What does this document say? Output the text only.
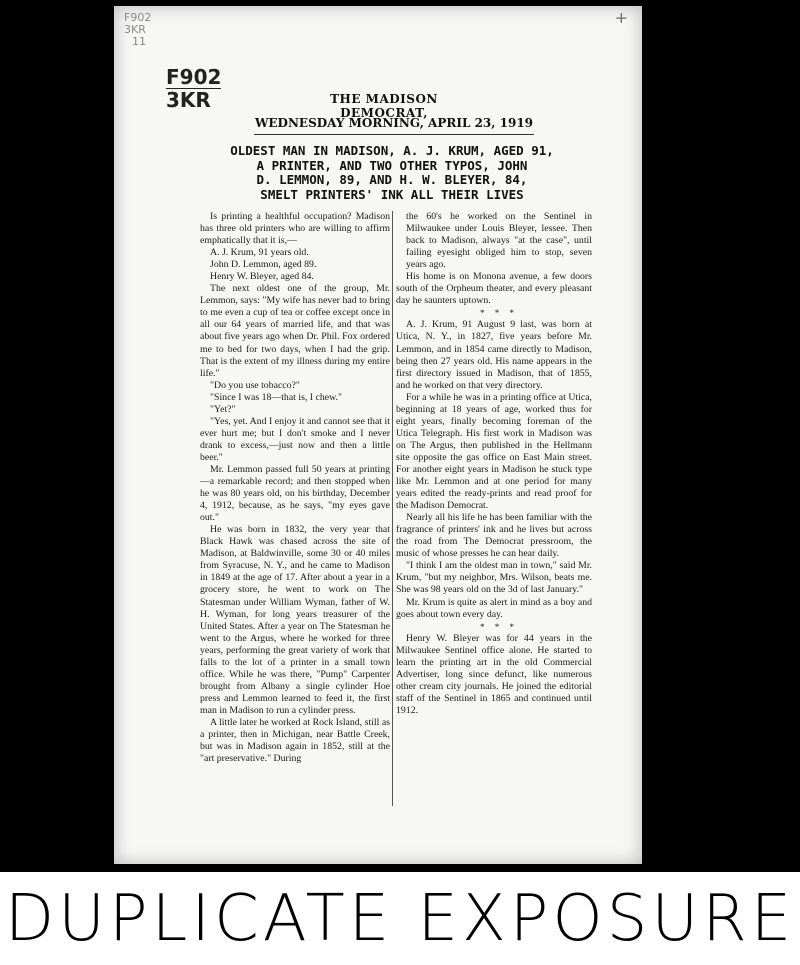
F902
3KR
11
F902
3KR
+
THE MADISON DEMOCRAT,
WEDNESDAY MORNING, APRIL 23, 1919
OLDEST MAN IN MADISON, A. J. KRUM, AGED 91,
A PRINTER, AND TWO OTHER TYPOS, JOHN
D. LEMMON, 89, AND H. W. BLEYER, 84,
SMELT PRINTERS' INK ALL THEIR LIVES

Is printing a healthful occupation? Madison has three old printers who are willing to affirm emphatically that it is,—

A. J. Krum, 91 years old.

John D. Lemmon, aged 89.

Henry W. Bleyer, aged 84.

The next oldest one of the group, Mr. Lemmon, says: "My wife has never had to bring to me even a cup of tea or coffee except once in all our 64 years of married life, and that was about five years ago when Dr. Phil. Fox ordered me to bed for two days, when I had the grip. That is the extent of my illness during my entire life."

"Do you use tobacco?"

"Since I was 18—that is, I chew."

"Yet?"

"Yes, yet. And I enjoy it and cannot see that it ever hurt me; but I don't smoke and I never drank to excess,—just now and then a little beer."

Mr. Lemmon passed full 50 years at printing—a remarkable record; and then stopped when he was 80 years old, on his birthday, December 4, 1912, because, as he says, "my eyes gave out."

He was born in 1832, the very year that Black Hawk was chased across the site of Madison, at Baldwinville, some 30 or 40 miles from Syracuse, N. Y., and he came to Madison in 1849 at the age of 17. After about a year in a grocery store, he went to work on The Statesman under William Wyman, father of W. H. Wyman, for long years treasurer of the United States. After a year on The Statesman he went to the Argus, where he worked for three years, performing the great variety of work that falls to the lot of a printer in a small town office. While he was there, "Pump" Carpenter brought from Albany a single cylinder Hoe press and Lemmon learned to feed it, the first man in Madison to run a cylinder press.

A little later he worked at Rock Island, still as a printer, then in Michigan, near Battle Creek, but was in Madison again in 1852, still at the "art preservative." During

the 60's he worked on the Sentinel in Milwaukee under Louis Bleyer, lessee. Then back to Madison, always "at the case", until failing eyesight obliged him to stop, seven years ago.

His home is on Monona avenue, a few doors south of the Orpheum theater, and every pleasant day he saunters uptown.

* * *

A. J. Krum, 91 August 9 last, was born at Utica, N. Y., in 1827, five years before Mr. Lemmon, and in 1854 came directly to Madison, being then 27 years old. His name appears in the first directory issued in Madison, that of 1855, and he worked on that very directory.

For a while he was in a printing office at Utica, beginning at 18 years of age, worked thus for eight years, finally becoming foreman of the Utica Telegraph. His first work in Madison was on The Argus, then published in the Hellmann site opposite the gas office on East Main street. For another eight years in Madison he stuck type like Mr. Lemmon and at one period for many years edited the ready-prints and read proof for the Madison Democrat.

Nearly all his life he has been familiar with the fragrance of printers' ink and he lives but across the road from The Democrat pressroom, the music of whose presses he can hear daily.

"I think I am the oldest man in town," said Mr. Krum, "but my neighbor, Mrs. Wilson, beats me. She was 98 years old on the 3d of last January."

Mr. Krum is quite as alert in mind as a boy and goes about town every day.

* * *

Henry W. Bleyer was for 44 years in the Milwaukee Sentinel office alone. He started to learn the printing art in the old Commercial Advertiser, long since defunct, like numerous other cream city journals. He joined the editorial staff of the Sentinel in 1865 and continued until 1912.

DUPLICATE EXPOSURE
